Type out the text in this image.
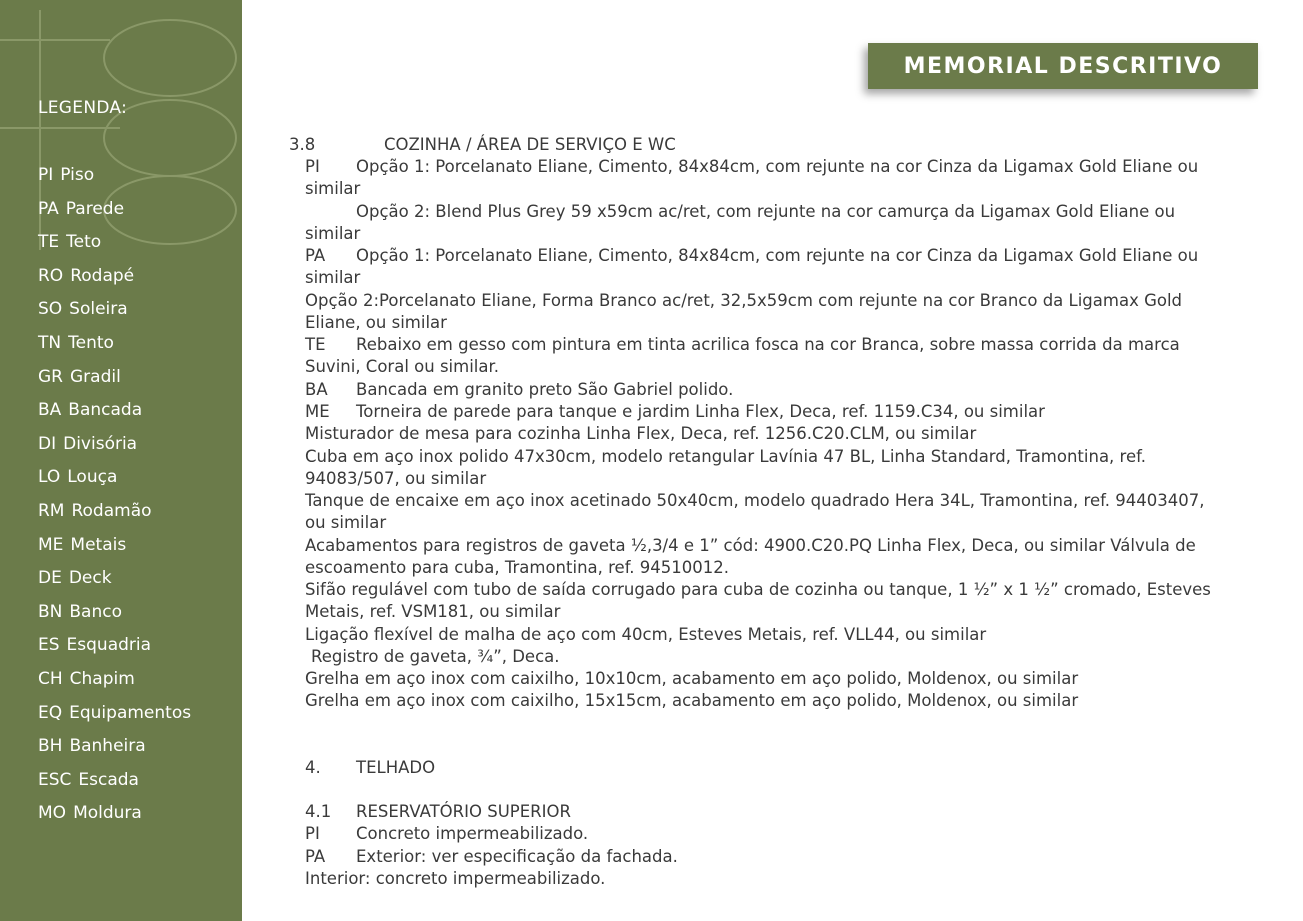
LEGENDA:
PI Piso
PA Parede
TE Teto
RO Rodapé
SO Soleira
TN Tento
GR Gradil
BA Bancada
DI Divisória
LO Louça
RM Rodamão
ME Metais
DE Deck
BN Banco
ES Esquadria
CH Chapim
EQ Equipamentos
BH Banheira
ESC Escada
MO Moldura
MEMORIAL DESCRITIVO
3.8	COZINHA / ÁREA DE SERVIÇO E WC
PI Opção 1: Porcelanato Eliane, Cimento, 84x84cm, com rejunte na cor Cinza da Ligamax Gold Eliane ou
similar
Opção 2: Blend Plus Grey 59 x59cm ac/ret, com rejunte na cor camurça da Ligamax Gold Eliane ou
similar
PA Opção 1: Porcelanato Eliane, Cimento, 84x84cm, com rejunte na cor Cinza da Ligamax Gold Eliane ou
similar
Opção 2:Porcelanato Eliane, Forma Branco ac/ret, 32,5x59cm com rejunte na cor Branco da Ligamax Gold
Eliane, ou similar
TE Rebaixo em gesso com pintura em tinta acrilica fosca na cor Branca, sobre massa corrida da marca
Suvini, Coral ou similar.
BA Bancada em granito preto São Gabriel polido.
ME Torneira de parede para tanque e jardim Linha Flex, Deca, ref. 1159.C34, ou similar
Misturador de mesa para cozinha Linha Flex, Deca, ref. 1256.C20.CLM, ou similar
Cuba em aço inox polido 47x30cm, modelo retangular Lavínia 47 BL, Linha Standard, Tramontina, ref.
94083/507, ou similar
Tanque de encaixe em aço inox acetinado 50x40cm, modelo quadrado Hera 34L, Tramontina, ref. 94403407,
ou similar
Acabamentos para registros de gaveta ½,3/4 e 1” cód: 4900.C20.PQ Linha Flex, Deca, ou similar Válvula de
escoamento para cuba, Tramontina, ref. 94510012.
Sifão regulável com tubo de saída corrugado para cuba de cozinha ou tanque, 1 ½” x 1 ½” cromado, Esteves
Metais, ref. VSM181, ou similar
Ligação flexível de malha de aço com 40cm, Esteves Metais, ref. VLL44, ou similar
Registro de gaveta, ¾”, Deca.
Grelha em aço inox com caixilho, 10x10cm, acabamento em aço polido, Moldenox, ou similar
Grelha em aço inox com caixilho, 15x15cm, acabamento em aço polido, Moldenox, ou similar
4. TELHADO
4.1 RESERVATÓRIO SUPERIOR
PI Concreto impermeabilizado.
PA Exterior: ver especificação da fachada.
Interior: concreto impermeabilizado.
